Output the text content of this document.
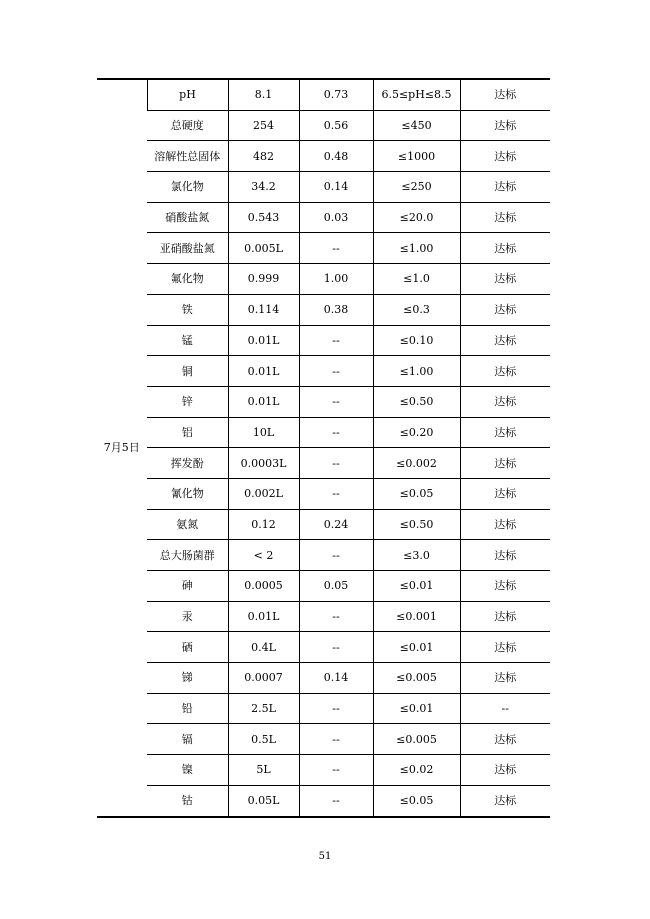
7月5日	pH	8.1	0.73	6.5≤pH≤8.5	达标
	总硬度	254	0.56	≤450	达标
	溶解性总固体	482	0.48	≤1000	达标
	氯化物	34.2	0.14	≤250	达标
	硝酸盐氮	0.543	0.03	≤20.0	达标
	亚硝酸盐氮	0.005L	--	≤1.00	达标
	氟化物	0.999	1.00	≤1.0	达标
	铁	0.114	0.38	≤0.3	达标
	锰	0.01L	--	≤0.10	达标
	铜	0.01L	--	≤1.00	达标
	锌	0.01L	--	≤0.50	达标
	铝	10L	--	≤0.20	达标
	挥发酚	0.0003L	--	≤0.002	达标
	氰化物	0.002L	--	≤0.05	达标
	氨氮	0.12	0.24	≤0.50	达标
	总大肠菌群	< 2	--	≤3.0	达标
	砷	0.0005	0.05	≤0.01	达标
	汞	0.01L	--	≤0.001	达标
	硒	0.4L	--	≤0.01	达标
	锑	0.0007	0.14	≤0.005	达标
	铅	2.5L	--	≤0.01	--
	镉	0.5L	--	≤0.005	达标
	镍	5L	--	≤0.02	达标
	钴	0.05L	--	≤0.05	达标
51
